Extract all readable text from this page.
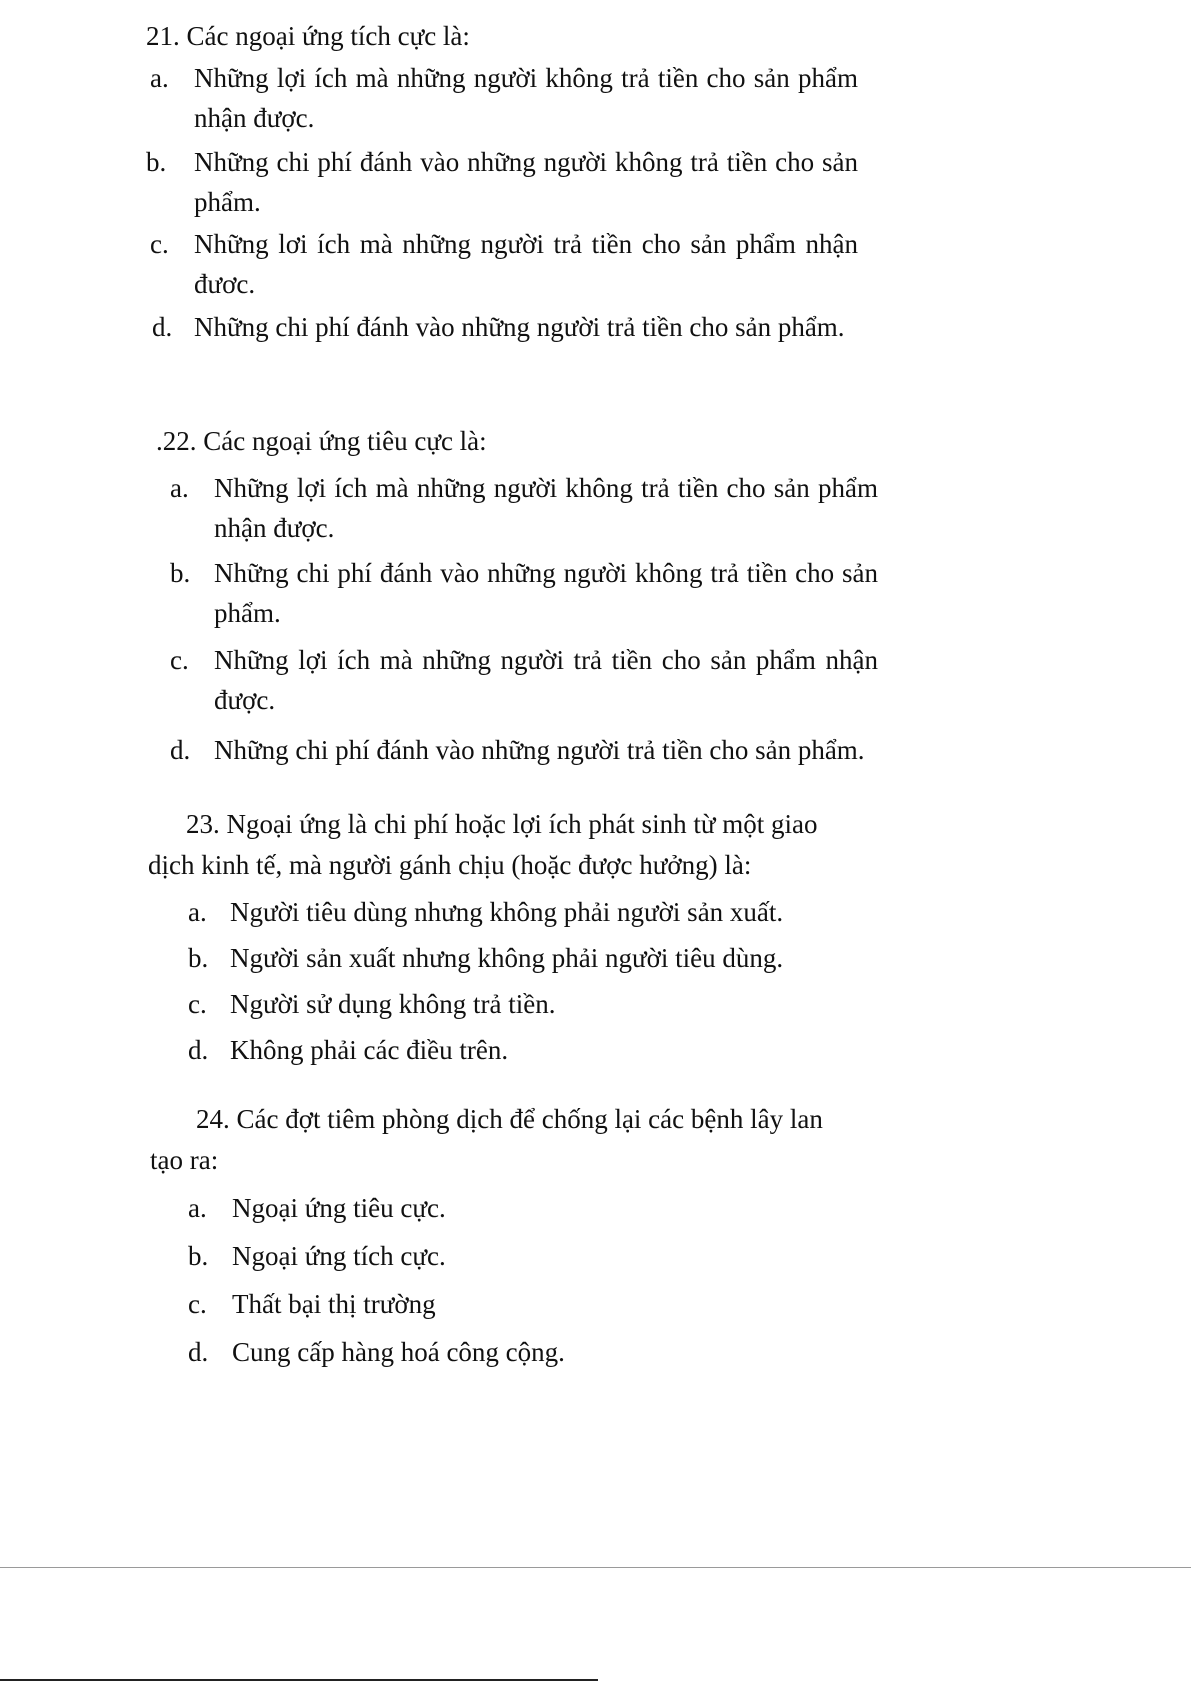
21. Các ngoại ứng tích cực là:
a. Những lợi ích mà những người không trả tiền cho sản phẩm nhận được.
b. Những chi phí đánh vào những người không trả tiền cho sản phẩm.
c. Những lơi ích mà những người trả tiền cho sản phẩm nhận đươc.
d. Những chi phí đánh vào những người trả tiền cho sản phẩm.
.22. Các ngoại ứng tiêu cực là:
a. Những lợi ích mà những người không trả tiền cho sản phẩm nhận được.
b. Những chi phí đánh vào những người không trả tiền cho sản phẩm.
c. Những lợi ích mà những người trả tiền cho sản phẩm nhận được.
d. Những chi phí đánh vào những người trả tiền cho sản phẩm.
23. Ngoại ứng là chi phí hoặc lợi ích phát sinh từ một giao
dịch kinh tế, mà người gánh chịu (hoặc được hưởng) là:
a. Người tiêu dùng nhưng không phải người sản xuất.
b. Người sản xuất nhưng không phải người tiêu dùng.
c. Người sử dụng không trả tiền.
d. Không phải các điều trên.
24. Các đợt tiêm phòng dịch để chống lại các bệnh lây lan
tạo ra:
a. Ngoại ứng tiêu cực.
b. Ngoại ứng tích cực.
c. Thất bại thị trường
d. Cung cấp hàng hoá công cộng.
